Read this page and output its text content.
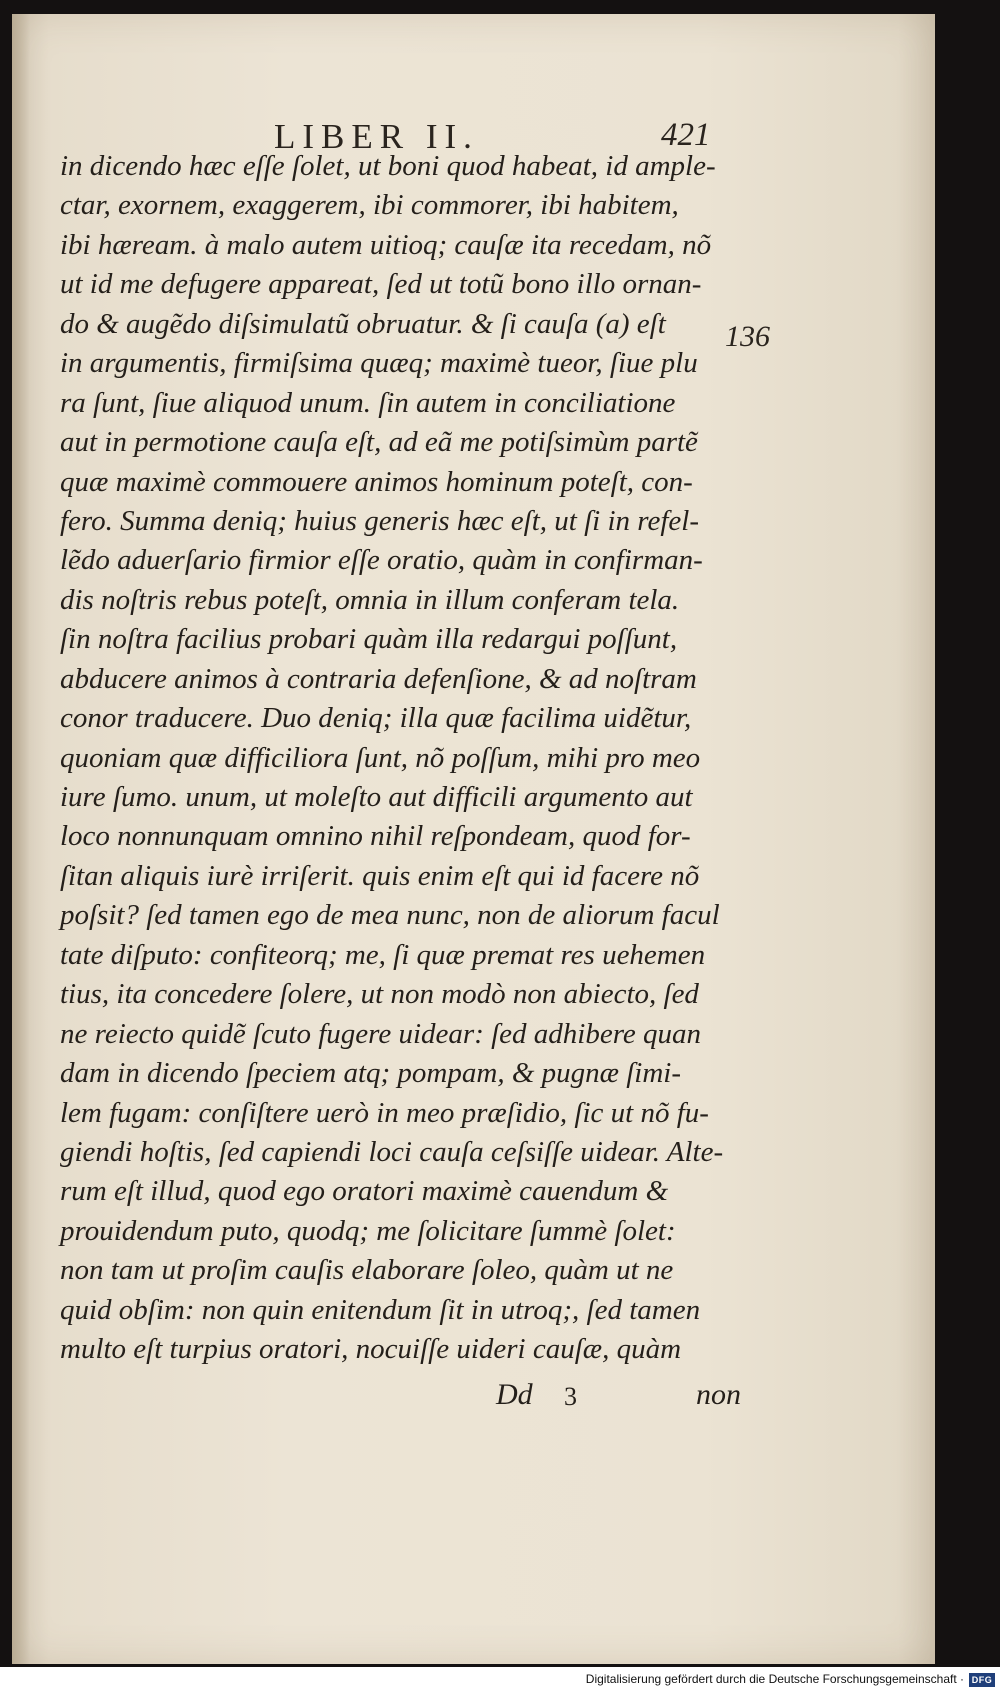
LIBER II.	421
in dicendo hæc eſſe ſolet, ut boni quod habeat, id ample-
ctar, exornem, exaggerem, ibi commorer, ibi habitem,
ibi hæream. à malo autem uitioq; cauſæ ita recedam, nõ
ut id me defugere appareat, ſed ut totũ bono illo ornan-
do & augẽdo diſsimulatũ obruatur. & ſi cauſa (a) eſt
in argumentis, firmiſsima quæq; maximè tueor, ſiue plu
ra ſunt, ſiue aliquod unum. ſin autem in conciliatione
aut in permotione cauſa eſt, ad eã me potiſsimùm partẽ
quæ maximè commouere animos hominum poteſt, con-
fero. Summa deniq; huius generis hæc eſt, ut ſi in refel-
lẽdo aduerſario firmior eſſe oratio, quàm in confirman-
dis noſtris rebus poteſt, omnia in illum conferam tela.
ſin noſtra facilius probari quàm illa redargui poſſunt,
abducere animos à contraria defenſione, & ad noſtram
conor traducere. Duo deniq; illa quæ facilima uidẽtur,
quoniam quæ difficiliora ſunt, nõ poſſum, mihi pro meo
iure ſumo. unum, ut moleſto aut difficili argumento aut
loco nonnunquam omnino nihil reſpondeam, quod for-
ſitan aliquis iurè irriſerit. quis enim eſt qui id facere nõ
poſsit? ſed tamen ego de mea nunc, non de aliorum facul
tate diſputo: confiteorq; me, ſi quæ premat res uehemen
tius, ita concedere ſolere, ut non modò non abiecto, ſed
ne reiecto quidẽ ſcuto fugere uidear: ſed adhibere quan
dam in dicendo ſpeciem atq; pompam, & pugnæ ſimi-
lem fugam: conſiſtere uerò in meo præſidio, ſic ut nõ fu-
giendi hoſtis, ſed capiendi loci cauſa ceſsiſſe uidear. Alte-
rum eſt illud, quod ego oratori maximè cauendum &
prouidendum puto, quodq; me ſolicitare ſummè ſolet:
non tam ut proſim cauſis elaborare ſoleo, quàm ut ne
quid obſim: non quin enitendum ſit in utroq;, ſed tamen
multo eſt turpius oratori, nocuiſſe uideri cauſæ, quàm
136
Dd 3	non
Digitalisierung gefördert durch die Deutsche Forschungsgemeinschaft · DFG
